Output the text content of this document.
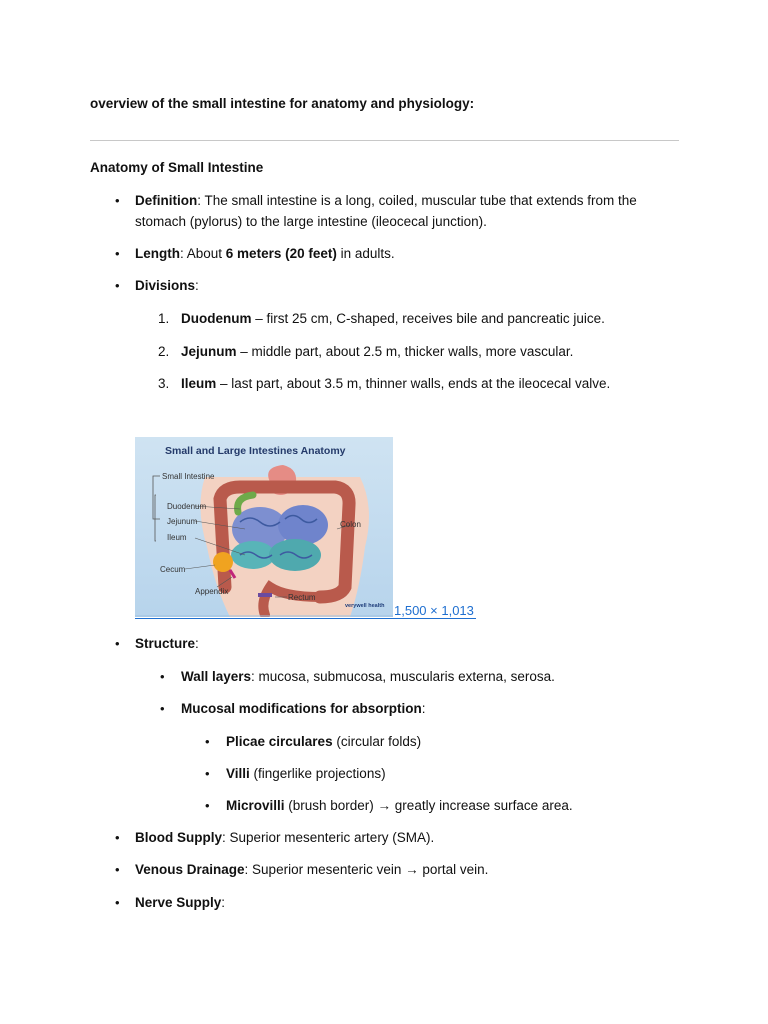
overview of the small intestine for anatomy and physiology:
Anatomy of Small Intestine
• Definition: The small intestine is a long, coiled, muscular tube that extends from the
stomach (pylorus) to the large intestine (ileocecal junction).
• Length: About 6 meters (20 feet) in adults.
• Divisions:
1. Duodenum – first 25 cm, C-shaped, receives bile and pancreatic juice.
2. Jejunum – middle part, about 2.5 m, thicker walls, more vascular.
3. Ileum – last part, about 3.5 m, thinner walls, ends at the ileocecal valve.
Small and Large Intestines Anatomy
Small Intestine
Duodenum
Jejunum
Ileum
Cecum
Appendix
Rectum
Colon
verywell health 1,500 × 1,013
• Structure:
• Wall layers: mucosa, submucosa, muscularis externa, serosa.
• Mucosal modifications for absorption:
• Plicae circulares (circular folds)
• Villi (fingerlike projections)
• Microvilli (brush border) → greatly increase surface area.
• Blood Supply: Superior mesenteric artery (SMA).
• Venous Drainage: Superior mesenteric vein → portal vein.
• Nerve Supply:
